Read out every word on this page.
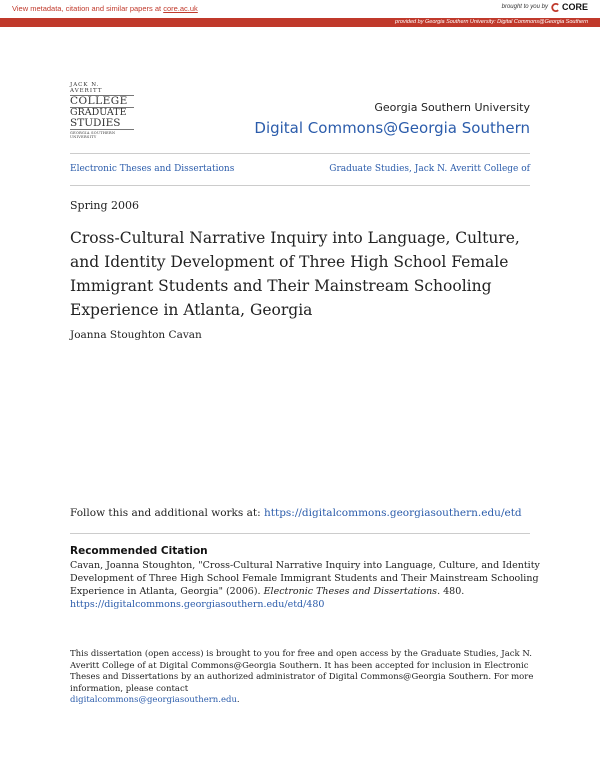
View metadata, citation and similar papers at core.ac.uk	brought to you by CORE
provided by Georgia Southern University: Digital Commons@Georgia Southern
JACK N. AVERITT
COLLEGE
GRADUATE
STUDIES
GEORGIA SOUTHERN UNIVERSITY
Georgia Southern University
Digital Commons@Georgia Southern
Electronic Theses and Dissertations	Graduate Studies, Jack N. Averitt College of
Spring 2006
Cross-Cultural Narrative Inquiry into Language, Culture, and Identity Development of Three High School Female Immigrant Students and Their Mainstream Schooling Experience in Atlanta, Georgia
Joanna Stoughton Cavan
Follow this and additional works at: https://digitalcommons.georgiasouthern.edu/etd
Recommended Citation
Cavan, Joanna Stoughton, "Cross-Cultural Narrative Inquiry into Language, Culture, and Identity Development of Three High School Female Immigrant Students and Their Mainstream Schooling Experience in Atlanta, Georgia" (2006). Electronic Theses and Dissertations. 480.
https://digitalcommons.georgiasouthern.edu/etd/480
This dissertation (open access) is brought to you for free and open access by the Graduate Studies, Jack N. Averitt College of at Digital Commons@Georgia Southern. It has been accepted for inclusion in Electronic Theses and Dissertations by an authorized administrator of Digital Commons@Georgia Southern. For more information, please contact
digitalcommons@georgiasouthern.edu.
